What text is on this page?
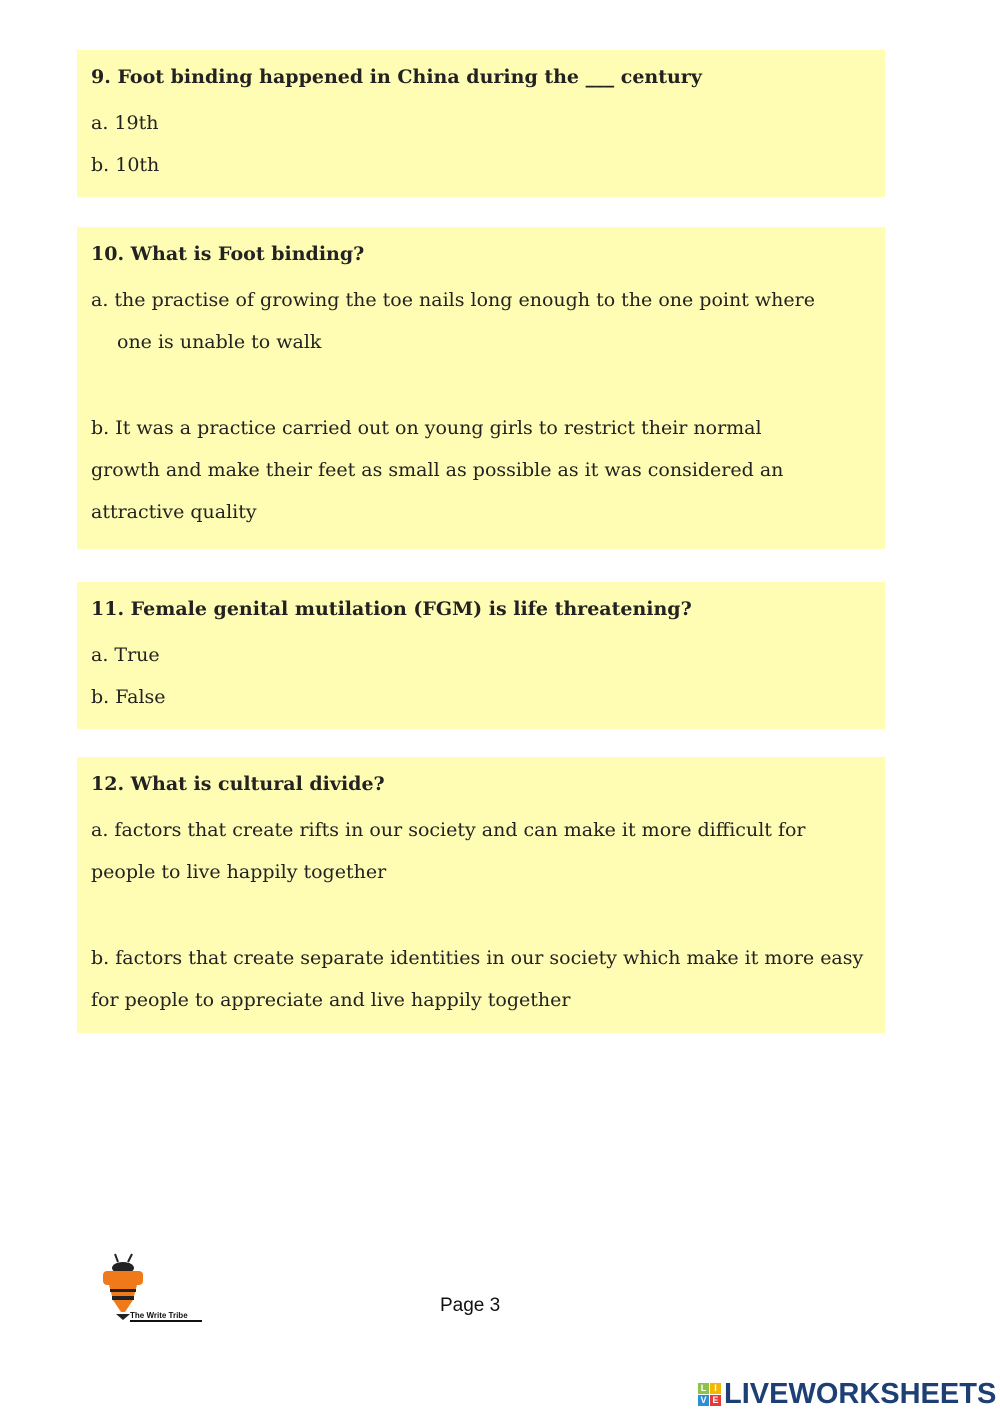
9. Foot binding happened in China during the ___ century
a. 19th
b. 10th
10. What is Foot binding?
a. the practise of growing the toe nails long enough to the one point where one is unable to walk
b. It was a practice carried out on young girls to restrict their normal growth and make their feet as small as possible as it was considered an attractive quality
11. Female genital mutilation (FGM) is life threatening?
a. True
b. False
12. What is cultural divide?
a. factors that create rifts in our society and can make it more difficult for people to live happily together
b. factors that create separate identities in our society which make it more easy for people to appreciate and live happily together
The Write Tribe	Page 3
L I
V E LIVEWORKSHEETS
